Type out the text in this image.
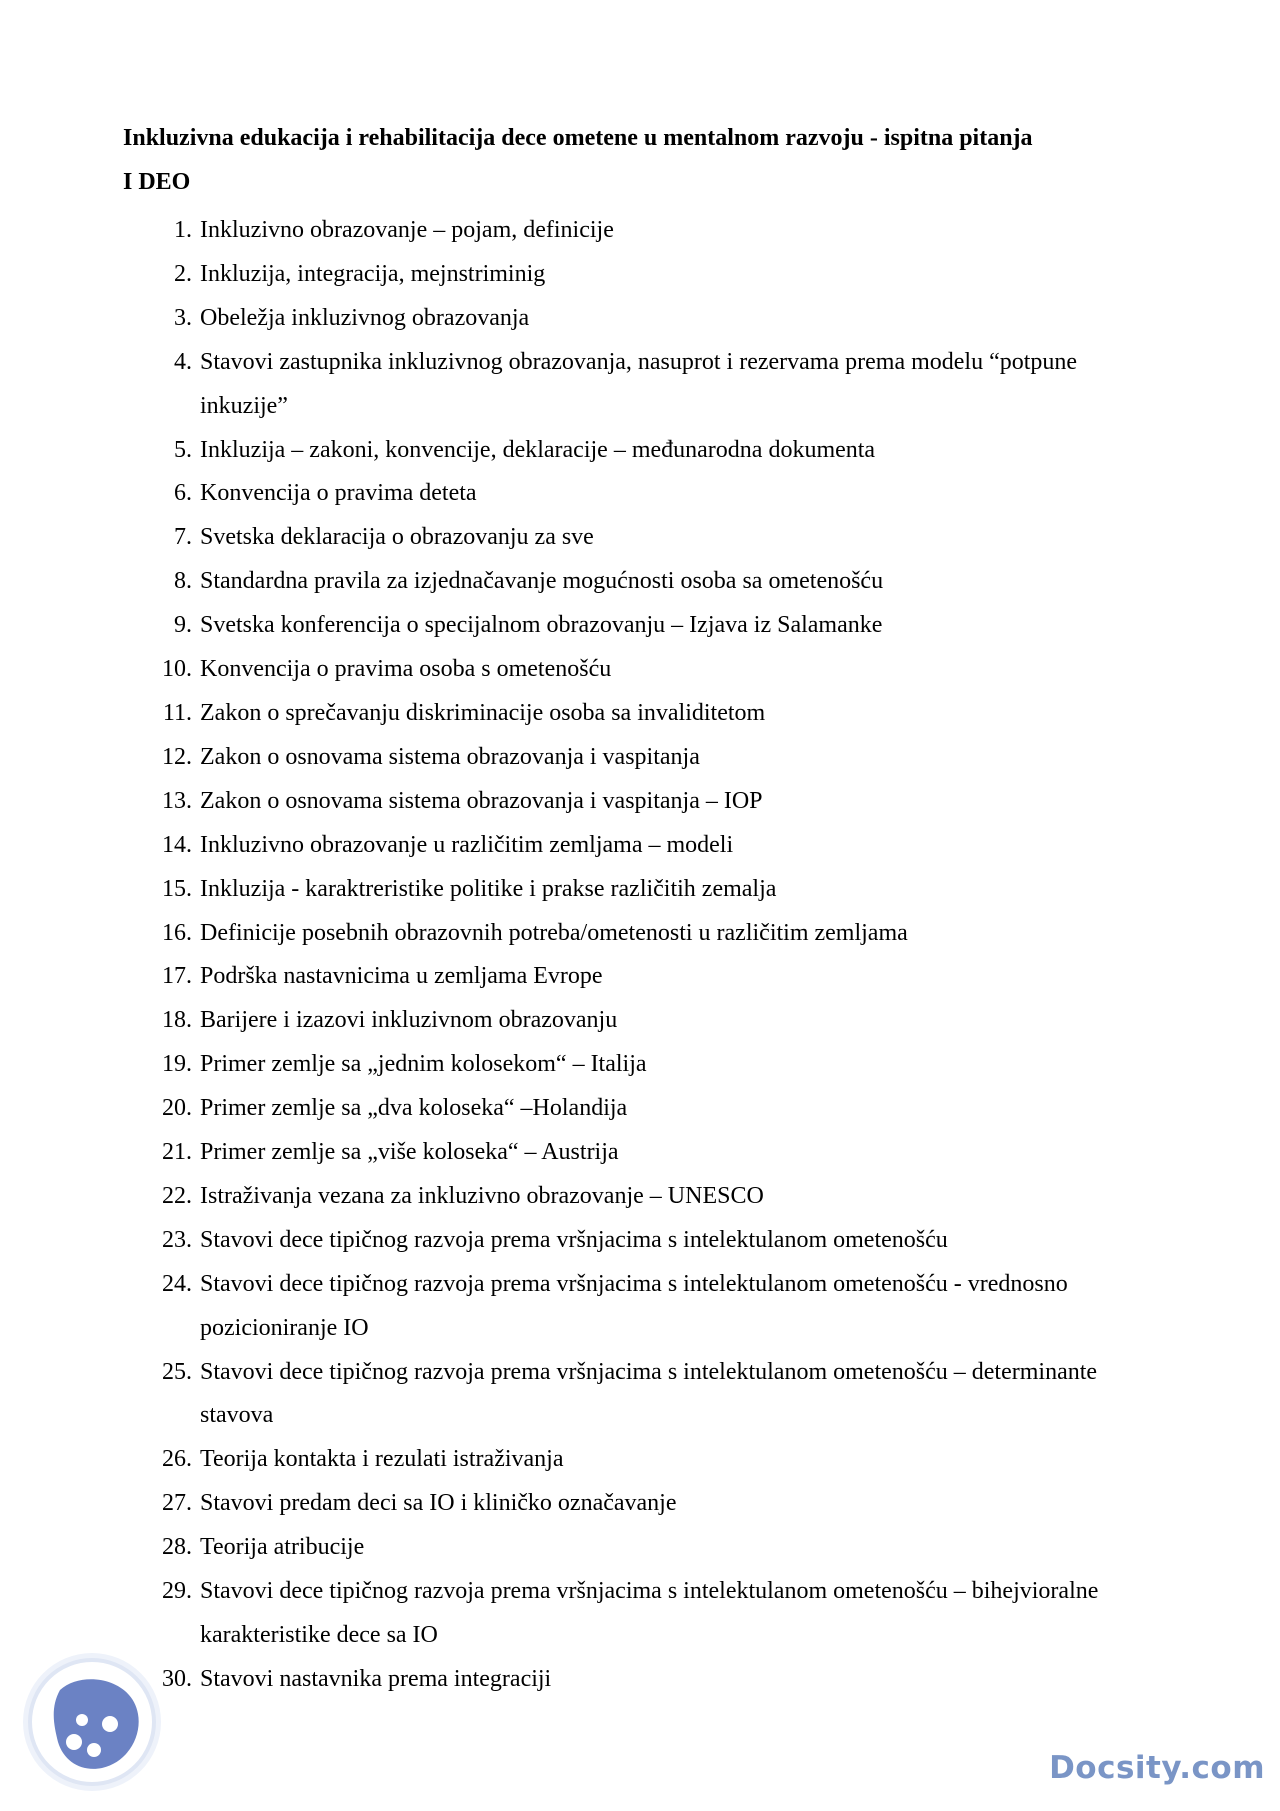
Inkluzivna edukacija i rehabilitacija dece ometene u mentalnom razvoju - ispitna pitanja
I DEO
1. Inkluzivno obrazovanje – pojam, definicije
2. Inkluzija, integracija, mejnstriminig
3. Obeležja inkluzivnog obrazovanja
4. Stavovi zastupnika inkluzivnog obrazovanja, nasuprot i rezervama prema modelu “potpune inkuzije”
5. Inkluzija – zakoni, konvencije, deklaracije – međunarodna dokumenta
6. Konvencija o pravima deteta
7. Svetska deklaracija o obrazovanju za sve
8. Standardna pravila za izjednačavanje mogućnosti osoba sa ometenošću
9. Svetska konferencija o specijalnom obrazovanju – Izjava iz Salamanke
10. Konvencija o pravima osoba s ometenošću
11. Zakon o sprečavanju diskriminacije osoba sa invaliditetom
12. Zakon o osnovama sistema obrazovanja i vaspitanja
13. Zakon o osnovama sistema obrazovanja i vaspitanja – IOP
14. Inkluzivno obrazovanje u različitim zemljama – modeli
15. Inkluzija - karaktreristike politike i prakse različitih zemalja
16. Definicije posebnih obrazovnih potreba/ometenosti u različitim zemljama
17. Podrška nastavnicima u zemljama Evrope
18. Barijere i izazovi inkluzivnom obrazovanju
19. Primer zemlje sa „jednim kolosekom“ – Italija
20. Primer zemlje sa „dva koloseka“ –Holandija
21. Primer zemlje sa „više koloseka“ – Austrija
22. Istraživanja vezana za inkluzivno obrazovanje – UNESCO
23. Stavovi dece tipičnog razvoja prema vršnjacima s intelektulanom ometenošću
24. Stavovi dece tipičnog razvoja prema vršnjacima s intelektulanom ometenošću - vrednosno pozicioniranje IO
25. Stavovi dece tipičnog razvoja prema vršnjacima s intelektulanom ometenošću – determinante stavova
26. Teorija kontakta i rezulati istraživanja
27. Stavovi predam deci sa IO i kliničko označavanje
28. Teorija atribucije
29. Stavovi dece tipičnog razvoja prema vršnjacima s intelektulanom ometenošću – bihejvioralne karakteristike dece sa IO
30. Stavovi nastavnika prema integraciji
Docsity.com
